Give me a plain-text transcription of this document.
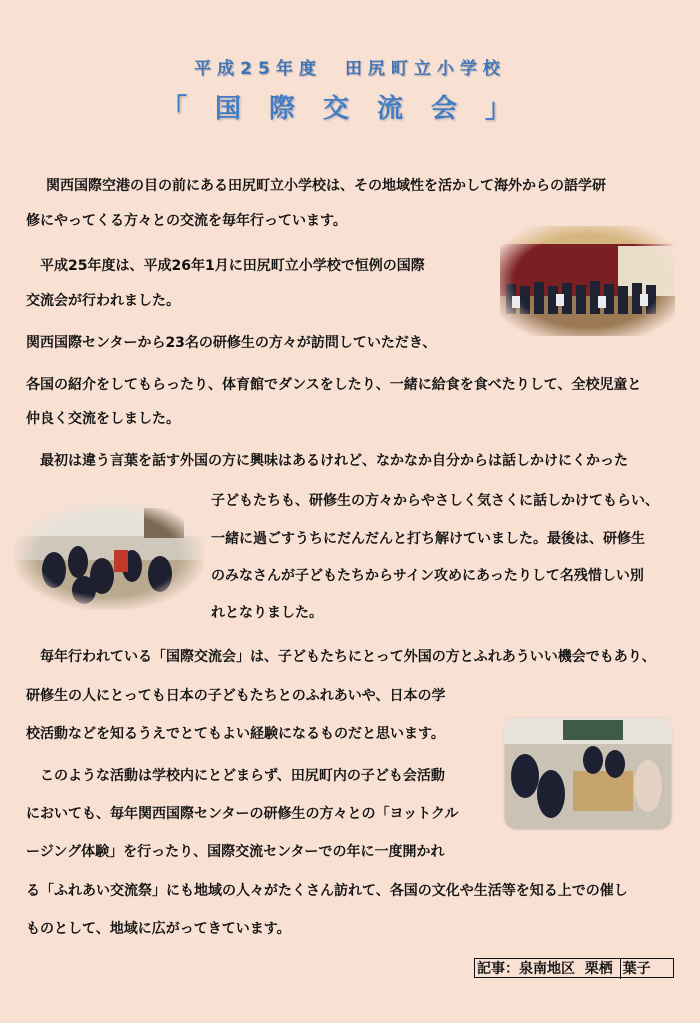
平成25年度　田尻町立小学校
「国際交流会」
関西国際空港の目の前にある田尻町立小学校は、その地域性を活かして海外からの語学研
修にやってくる方々との交流を毎年行っています。
平成25年度は、平成26年1月に田尻町立小学校で恒例の国際
交流会が行われました。
関西国際センターから23名の研修生の方々が訪問していただき、
各国の紹介をしてもらったり、体育館でダンスをしたり、一緒に給食を食べたりして、全校児童と
仲良く交流をしました。
最初は違う言葉を話す外国の方に興味はあるけれど、なかなか自分からは話しかけにくかった
子どもたちも、研修生の方々からやさしく気さくに話しかけてもらい、
一緒に過ごすうちにだんだんと打ち解けていました。最後は、研修生
のみなさんが子どもたちからサイン攻めにあったりして名残惜しい別
れとなりました。
毎年行われている「国際交流会」は、子どもたちにとって外国の方とふれあういい機会でもあり、
研修生の人にとっても日本の子どもたちとのふれあいや、日本の学
校活動などを知るうえでとてもよい経験になるものだと思います。
このような活動は学校内にとどまらず、田尻町内の子ども会活動
においても、毎年関西国際センターの研修生の方々との「ヨットクル
ージング体験」を行ったり、国際交流センターでの年に一度開かれ
る「ふれあい交流祭」にも地域の人々がたくさん訪れて、各国の文化や生活等を知る上での催し
ものとして、地域に広がってきています。
記事：泉南地区 栗栖 葉子
